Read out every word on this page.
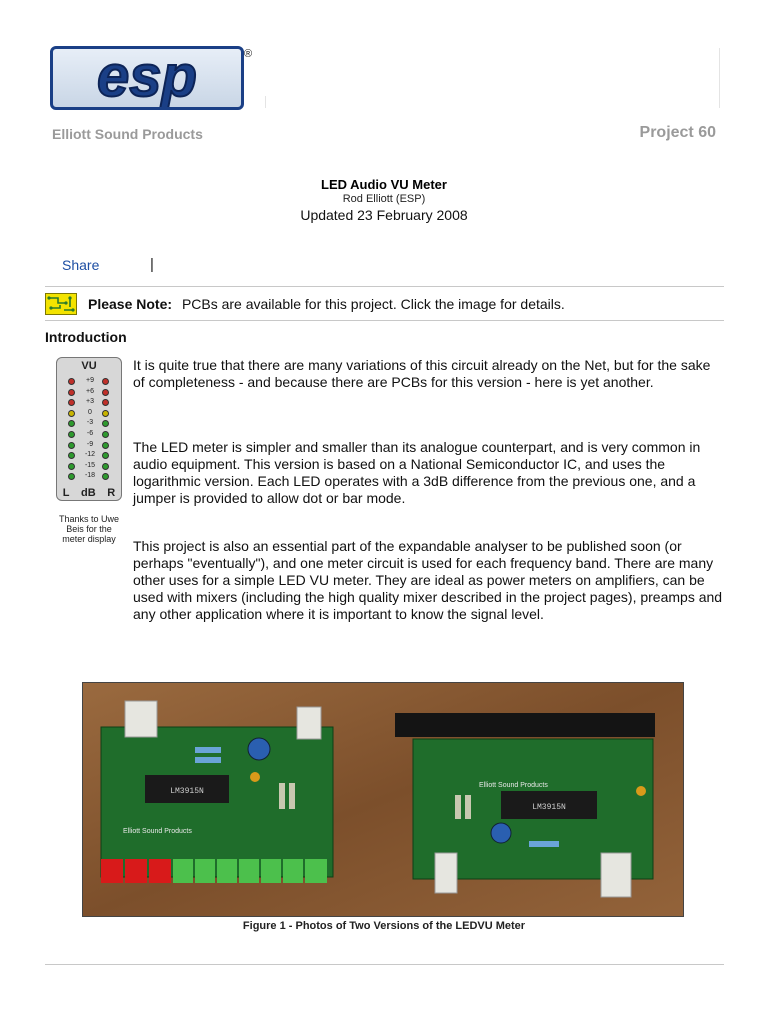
esp	®
Elliott Sound Products	Project 60
LED Audio VU Meter
Rod Elliott (ESP)
Updated 23 February 2008
Share	|
Please Note: PCBs are available for this project. Click the image for details.
Introduction
VU
+9
+6
+3
0
-3
-6
-9
-12
-15
-18
L dB R
Thanks to Uwe Beis for the meter display
It is quite true that there are many variations of this circuit already on the Net, but for the sake of completeness - and because there are PCBs for this version - here is yet another.
The LED meter is simpler and smaller than its analogue counterpart, and is very common in audio equipment. This version is based on a National Semiconductor IC, and uses the logarithmic version. Each LED operates with a 3dB difference from the previous one, and a jumper is provided to allow dot or bar mode.
This project is also an essential part of the expandable analyser to be published soon (or perhaps "eventually"), and one meter circuit is used for each frequency band. There are many other uses for a simple LED VU meter. They are ideal as power meters on amplifiers, can be used with mixers (including the high quality mixer described in the project pages), preamps and any other application where it is important to know the signal level.
LM3915N
Elliott Sound Products
LM3915N
Elliott Sound Products
Figure 1 - Photos of Two Versions of the LEDVU Meter
